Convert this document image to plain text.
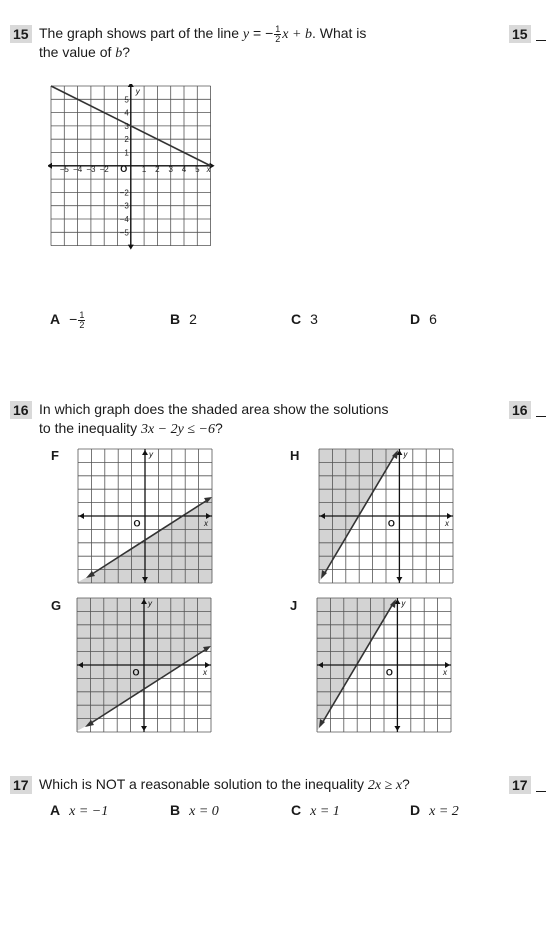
15 The graph shows part of the line y = − $\frac{1}{2}$ x + b. What is
the value of b?
15
−5 −4 −3 −2	1 2 3 4 5
5
4
3
2
1
−2
−3
−4
−5
O	x
y
$A - \frac{1}{2}$	B 2	C 3	D 6
16 In which graph does the shaded area show the solutions
to the inequality 3x − 2y ≤ −6?
16
F	H
G	J
O	x
y
O	x
y
O	x
y
O	x
y
17 Which is NOT a reasonable solution to the inequality 2x ≥ x?	17
A x = −1	B x = 0	C x = 1	D x = 2
